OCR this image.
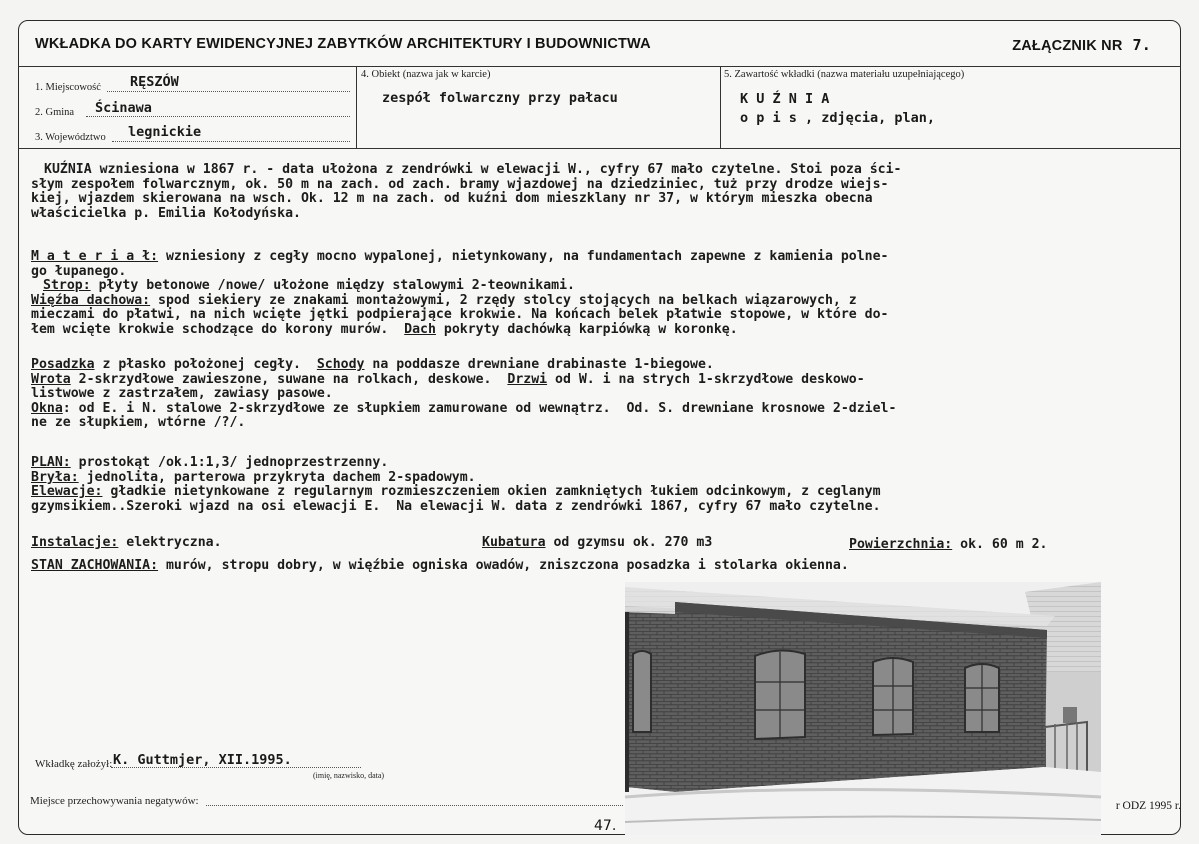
WKŁADKA DO KARTY EWIDENCYJNEJ ZABYTKÓW ARCHITEKTURY I BUDOWNICTWA	ZAŁĄCZNIK NR 7.
1. Miejscowość RĘSZÓW
2. Gmina Ścinawa
3. Województwo legnickie
4. Obiekt (nazwa jak w karcie)
zespół folwarczny przy pałacu
5. Zawartość wkładki (nazwa materiału uzupełniającego)
K U Ź N I A
o p i s , zdjęcia, plan,

KUŹNIA wzniesiona w 1867 r. - data ułożona z zendrówki w elewacji W., cyfry 67 mało czytelne. Stoi poza ści-

słym zespołem folwarcznym, ok. 50 m na zach. od zach. bramy wjazdowej na dziedziniec, tuż przy drodze wiejs-

kiej, wjazdem skierowana na wsch. Ok. 12 m na zach. od kuźni dom mieszklany nr 37, w którym mieszka obecna

właścicielka p. Emilia Kołodyńska.

M a t e r i a ł: wzniesiony z cegły mocno wypalonej, nietynkowany, na fundamentach zapewne z kamienia polne-

go łupanego.

Strop: płyty betonowe /nowe/ ułożone między stalowymi 2-teownikami.

Więźba dachowa: spod siekiery ze znakami montażowymi, 2 rzędy stolcy stojących na belkach wiązarowych, z

mieczami do płatwi, na nich wcięte jętki podpierające krokwie. Na końcach belek płatwie stopowe, w które do-

łem wcięte krokwie schodzące do korony murów.  Dach pokryty dachówką karpiówką w koronkę.

Posadzka z płasko położonej cegły.  Schody na poddasze drewniane drabinaste 1-biegowe.

Wrota 2-skrzydłowe zawieszone, suwane na rolkach, deskowe.  Drzwi od W. i na strych 1-skrzydłowe deskowo-

listwowe z zastrzałem, zawiasy pasowe.

Okna: od E. i N. stalowe 2-skrzydłowe ze słupkiem zamurowane od wewnątrz.  Od. S. drewniane krosnowe 2-dziel-

ne ze słupkiem, wtórne /?/.

PLAN: prostokąt /ok.1:1,3/ jednoprzestrzenny.

Bryła: jednolita, parterowa przykryta dachem 2-spadowym.

Elewacje: gładkie nietynkowane z regularnym rozmieszczeniem okien zamkniętych łukiem odcinkowym, z ceglanym

gzymsikiem..Szeroki wjazd na osi elewacji E.  Na elewacji W. data z zendrówki 1867, cyfry 67 mało czytelne.

Instalacje: elektryczna.	Kubatura od gzymsu ok. 270 m3	Powierzchnia: ok. 60 m 2.

STAN ZACHOWANIA: murów, stropu dobry, w więźbie ogniska owadów, zniszczona posadzka i stolarka okienna.

Wkładkę założył: K. Guttmjer, XII.1995.
(imię, nazwisko, data)
Miejsce przechowywania negatywów:	r ODZ 1995 r.
47.
